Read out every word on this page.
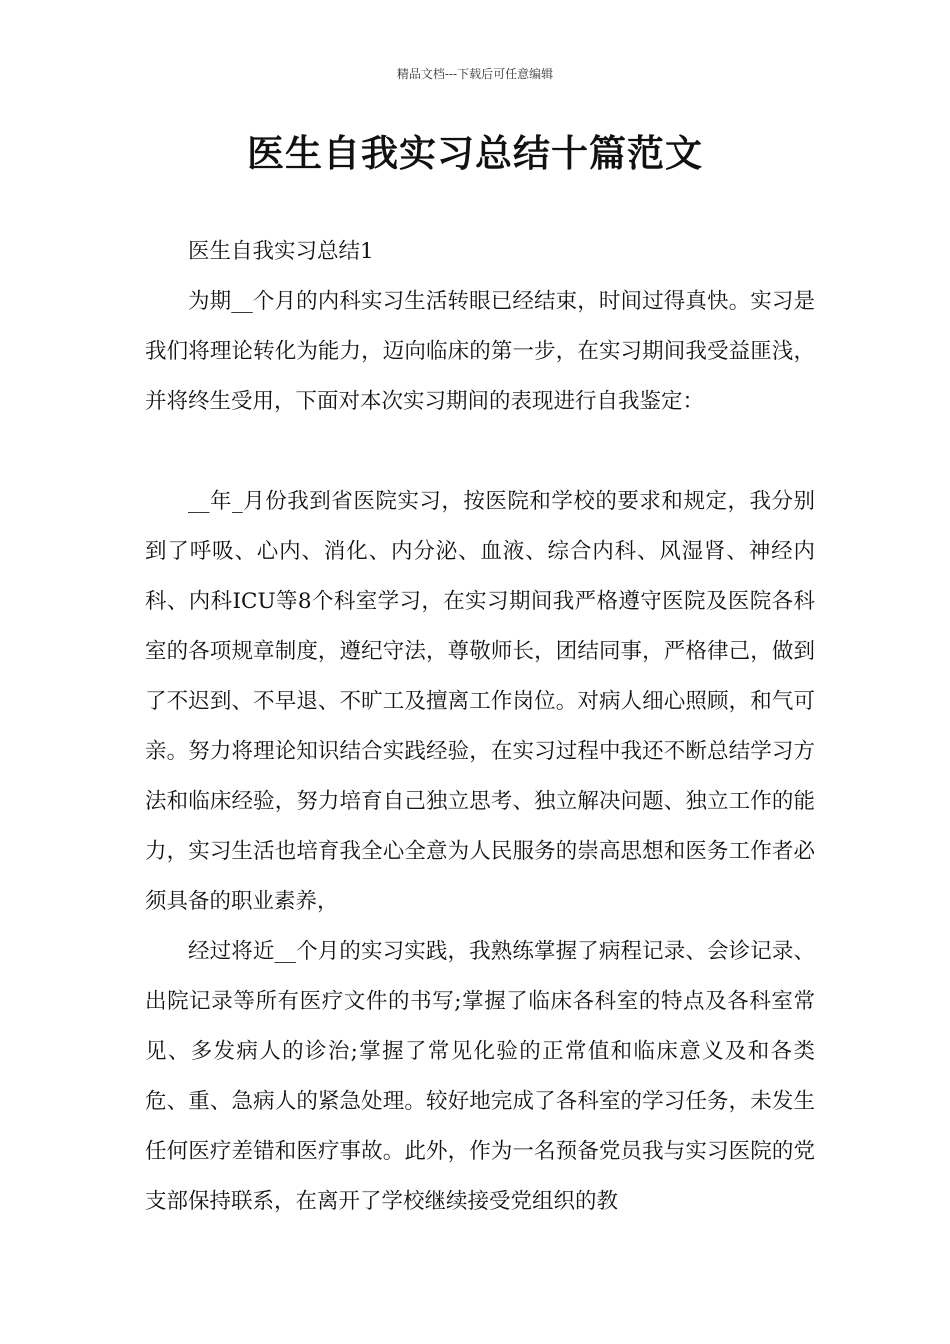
精品文档---下载后可任意编辑
医生自我实习总结十篇范文

医生自我实习总结1

为期__个月的内科实习生活转眼已经结束，时间过得真快。实习是我们将理论转化为能力，迈向临床的第一步，在实习期间我受益匪浅，并将终生受用，下面对本次实习期间的表现进行自我鉴定：

__年_月份我到省医院实习，按医院和学校的要求和规定，我分别到了呼吸、心内、消化、内分泌、血液、综合内科、风湿肾、神经内科、内科ICU等8个科室学习，在实习期间我严格遵守医院及医院各科室的各项规章制度，遵纪守法，尊敬师长，团结同事，严格律己，做到了不迟到、不早退、不旷工及擅离工作岗位。对病人细心照顾，和气可亲。努力将理论知识结合实践经验，在实习过程中我还不断总结学习方法和临床经验，努力培育自己独立思考、独立解决问题、独立工作的能力，实习生活也培育我全心全意为人民服务的崇高思想和医务工作者必须具备的职业素养，

经过将近__个月的实习实践，我熟练掌握了病程记录、会诊记录、出院记录等所有医疗文件的书写;掌握了临床各科室的特点及各科室常见、多发病人的诊治;掌握了常见化验的正常值和临床意义及和各类危、重、急病人的紧急处理。较好地完成了各科室的学习任务，未发生任何医疗差错和医疗事故。此外，作为一名预备党员我与实习医院的党支部保持联系，在离开了学校继续接受党组织的教
